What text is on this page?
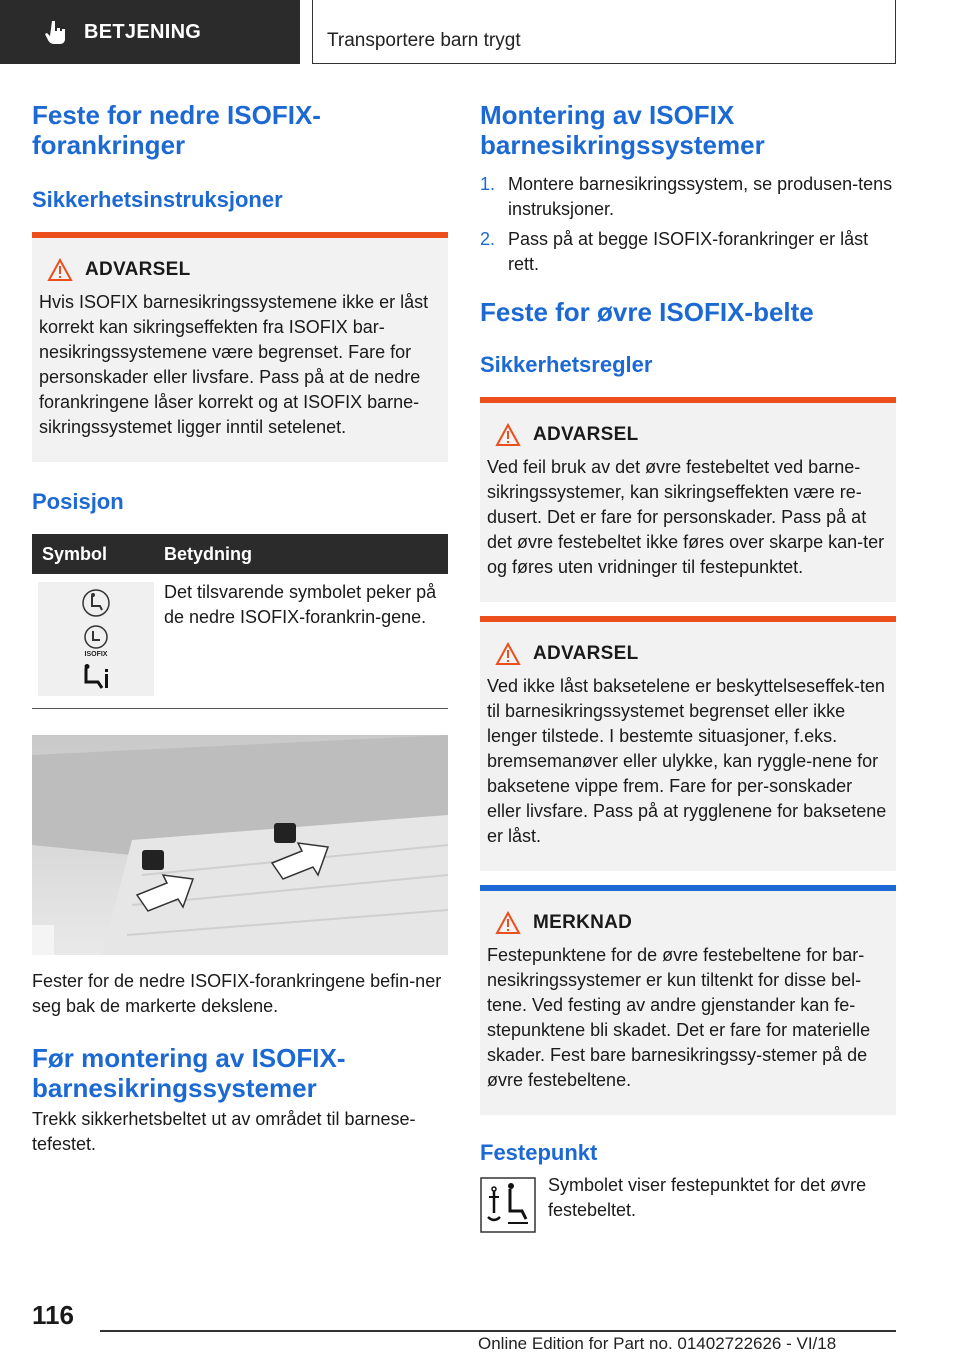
BETJENING	Transportere barn trygt
Feste for nedre ISOFIX-forankringer
Sikkerhetsinstruksjoner
ADVARSEL

Hvis ISOFIX barnesikringssystemene ikke er låst korrekt kan sikringseffekten fra ISOFIX bar-nesikringssystemene være begrenset. Fare for personskader eller livsfare. Pass på at de nedre forankringene låser korrekt og at ISOFIX barne-sikringssystemet ligger inntil setelenet.

Posisjon
Symbol	Betydning

ISOFIX	Det tilsvarende symbolet peker på de nedre ISOFIX-forankrin-gene.

Fester for de nedre ISOFIX-forankringene befin-ner seg bak de markerte dekslene.

Før montering av ISOFIX-barnesikringssystemer

Trekk sikkerhetsbeltet ut av området til barnese-tefestet.

Montering av ISOFIX barnesikringssystemer
1. Montere barnesikringssystem, se produsen-tens instruksjoner.
2. Pass på at begge ISOFIX-forankringer er låst rett.
Feste for øvre ISOFIX-belte
Sikkerhetsregler
ADVARSEL

Ved feil bruk av det øvre festebeltet ved barne-sikringssystemer, kan sikringseffekten være re-dusert. Det er fare for personskader. Pass på at det øvre festebeltet ikke føres over skarpe kan-ter og føres uten vridninger til festepunktet.

ADVARSEL

Ved ikke låst baksetelene er beskyttelseseffek-ten til barnesikringssystemet begrenset eller ikke lenger tilstede. I bestemte situasjoner, f.eks. bremsemanøver eller ulykke, kan ryggle-nene for baksetene vippe frem. Fare for per-sonskader eller livsfare. Pass på at rygglenene for baksetene er låst.

MERKNAD

Festepunktene for de øvre festebeltene for bar-nesikringssystemer er kun tiltenkt for disse bel-tene. Ved festing av andre gjenstander kan fe-stepunktene bli skadet. Det er fare for materielle skader. Fest bare barnesikringssy-stemer på de øvre festebeltene.

Festepunkt

Symbolet viser festepunktet for det øvre festebeltet.

116
Online Edition for Part no. 01402722626 - VI/18
